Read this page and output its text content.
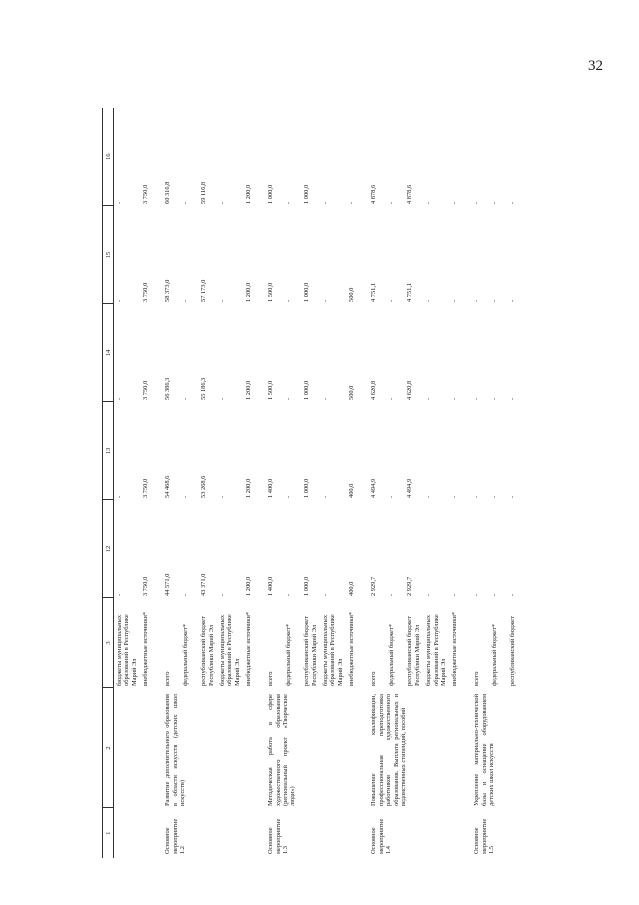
32
1	2	3	12	13	14	15	16
		бюджеты муниципальных образований в Республике Марий Эл	-	-	-	-	-
		внебюджетные источники*	3 750,0	3 750,0	3 750,0	3 750,0	3 750,0
Основное мероприятие 1.2	Развитие дополнительного образования в области искусств (детских школ искусств)	всего	44 571,0	54 468,6	56 386,3	58 373,0	60 316,8
		федеральный бюджет*	-	-	-	-	-
		республиканский бюджет Республики Марий Эл	43 371,0	53 268,6	55 186,3	57 173,0	59 116,8
		бюджеты муниципальных образований в Республике Марий Эл	-	-	-	-	-
		внебюджетные источники*	1 200,0	1 200,0	1 200,0	1 200,0	1 200,0
Основное мероприятие 1.3	Методическая работа в сфере художественного образования (региональный проект «Творческие люди»)	всего	1 400,0	1 400,0	1 500,0	1 500,0	1 000,0
		федеральный бюджет*	-	-	-	-	-
		республиканский бюджет Республики Марий Эл	1 000,0	1 000,0	1 000,0	1 000,0	1 000,0
		бюджеты муниципальных образований в Республике Марий Эл	-	-	-	-	-
		внебюджетные источники*	400,0	400,0	500,0	500,0	-
Основное мероприятие 1.4	Повышение квалификации, профессиональная переподготовка работников художественного образования. Выплата региональных и ведомственных стипендий, пособий	всего	2 929,7	4 494,9	4 620,8	4 751,1	4 878,6
		федеральный бюджет*	-	-	-	-	-
		республиканский бюджет Республики Марий Эл	2 929,7	4 494,9	4 620,8	4 751,1	4 878,6
		бюджеты муниципальных образований в Республике Марий Эл	-	-	-	-	-
		внебюджетные источники*	-	-	-	-	-
Основное мероприятие 1.5	Укрепление материально-технической базы и оснащение оборудованием детских школ искусств	всего	-	-	-	-	-
		федеральный бюджет*	-	-	-	-	-
		республиканский бюджет	-	-	-	-	-
